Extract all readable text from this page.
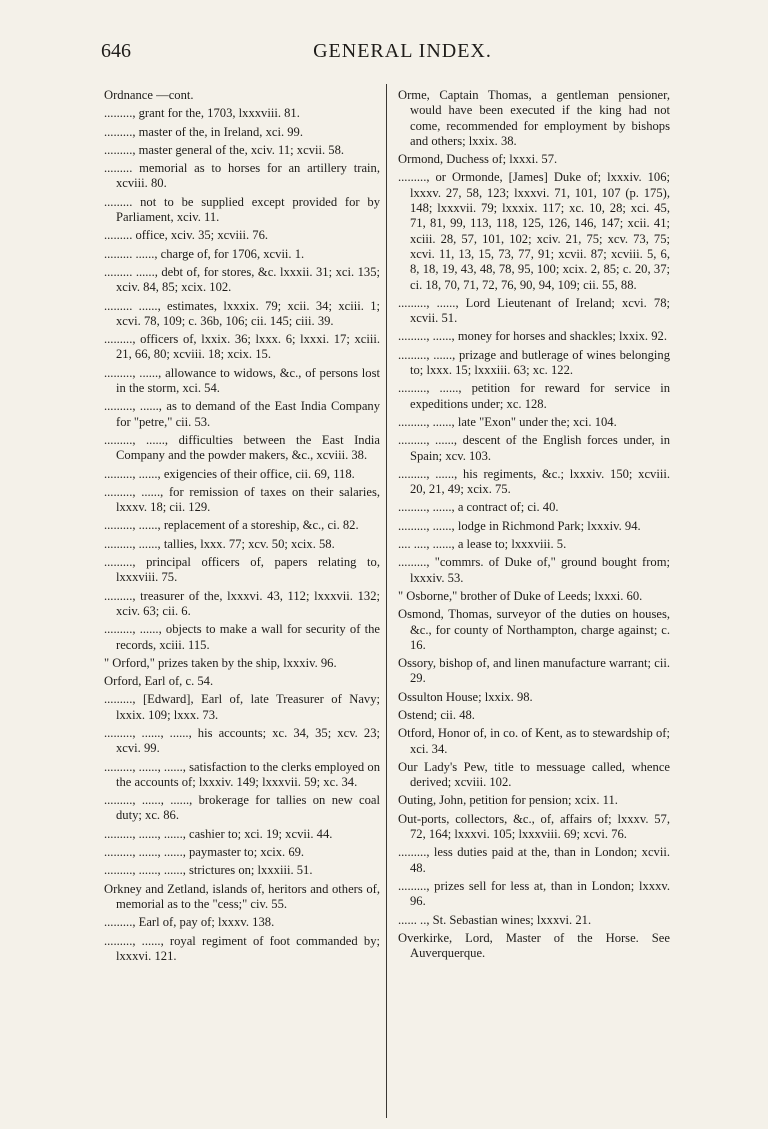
646	GENERAL INDEX.

Ordnance —cont.

........., grant for the, 1703, lxxxviii. 81.

........., master of the, in Ireland, xci. 99.

........., master general of the, xciv. 11; xcvii. 58.

......... memorial as to horses for an artillery train, xcviii. 80.

......... not to be supplied except provided for by Parliament, xciv. 11.

......... office, xciv. 35; xcviii. 76.

......... ......, charge of, for 1706, xcvii. 1.

......... ......, debt of, for stores, &c. lxxxii. 31; xci. 135; xciv. 84, 85; xcix. 102.

......... ......, estimates, lxxxix. 79; xcii. 34; xciii. 1; xcvi. 78, 109; c. 36b, 106; cii. 145; ciii. 39.

........., officers of, lxxix. 36; lxxx. 6; lxxxi. 17; xciii. 21, 66, 80; xcviii. 18; xcix. 15.

........., ......, allowance to widows, &c., of persons lost in the storm, xci. 54.

........., ......, as to demand of the East India Company for "petre," cii. 53.

........., ......, difficulties between the East India Company and the powder makers, &c., xcviii. 38.

........., ......, exigencies of their office, cii. 69, 118.

........., ......, for remission of taxes on their salaries, lxxxv. 18; cii. 129.

........., ......, replacement of a storeship, &c., ci. 82.

........., ......, tallies, lxxx. 77; xcv. 50; xcix. 58.

........., principal officers of, papers relating to, lxxxviii. 75.

........., treasurer of the, lxxxvi. 43, 112; lxxxvii. 132; xciv. 63; cii. 6.

........., ......, objects to make a wall for security of the records, xciii. 115.

" Orford," prizes taken by the ship, lxxxiv. 96.

Orford, Earl of, c. 54.

........., [Edward], Earl of, late Treasurer of Navy; lxxix. 109; lxxx. 73.

........., ......, ......, his accounts; xc. 34, 35; xcv. 23; xcvi. 99.

........., ......, ......, satisfaction to the clerks employed on the accounts of; lxxxiv. 149; lxxxvii. 59; xc. 34.

........., ......, ......, brokerage for tallies on new coal duty; xc. 86.

........., ......, ......, cashier to; xci. 19; xcvii. 44.

........., ......, ......, paymaster to; xcix. 69.

........., ......, ......, strictures on; lxxxiii. 51.

Orkney and Zetland, islands of, heritors and others of, memorial as to the "cess;" civ. 55.

........., Earl of, pay of; lxxxv. 138.

........., ......, royal regiment of foot commanded by; lxxxvi. 121.

Orme, Captain Thomas, a gentleman pensioner, would have been executed if the king had not come, recommended for employment by bishops and others; lxxix. 38.

Ormond, Duchess of; lxxxi. 57.

........., or Ormonde, [James] Duke of; lxxxiv. 106; lxxxv. 27, 58, 123; lxxxvi. 71, 101, 107 (p. 175), 148; lxxxvii. 79; lxxxix. 117; xc. 10, 28; xci. 45, 71, 81, 99, 113, 118, 125, 126, 146, 147; xcii. 41; xciii. 28, 57, 101, 102; xciv. 21, 75; xcv. 73, 75; xcvi. 11, 13, 15, 73, 77, 91; xcvii. 87; xcviii. 5, 6, 8, 18, 19, 43, 48, 78, 95, 100; xcix. 2, 85; c. 20, 37; ci. 18, 70, 71, 72, 76, 90, 94, 109; cii. 55, 88.

........., ......, Lord Lieutenant of Ireland; xcvi. 78; xcvii. 51.

........., ......, money for horses and shackles; lxxix. 92.

........., ......, prizage and butlerage of wines belonging to; lxxx. 15; lxxxiii. 63; xc. 122.

........., ......, petition for reward for service in expeditions under; xc. 128.

........., ......, late "Exon" under the; xci. 104.

........., ......, descent of the English forces under, in Spain; xcv. 103.

........., ......, his regiments, &c.; lxxxiv. 150; xcviii. 20, 21, 49; xcix. 75.

........., ......, a contract of; ci. 40.

........., ......, lodge in Richmond Park; lxxxiv. 94.

.... ...., ......, a lease to; lxxxviii. 5.

........., "commrs. of Duke of," ground bought from; lxxxiv. 53.

" Osborne," brother of Duke of Leeds; lxxxi. 60.

Osmond, Thomas, surveyor of the duties on houses, &c., for county of Northampton, charge against; c. 16.

Ossory, bishop of, and linen manufacture warrant; cii. 29.

Ossulton House; lxxix. 98.

Ostend; cii. 48.

Otford, Honor of, in co. of Kent, as to stewardship of; xci. 34.

Our Lady's Pew, title to messuage called, whence derived; xcviii. 102.

Outing, John, petition for pension; xcix. 11.

Out-ports, collectors, &c., of, affairs of; lxxxv. 57, 72, 164; lxxxvi. 105; lxxxviii. 69; xcvi. 76.

........., less duties paid at the, than in London; xcvii. 48.

........., prizes sell for less at, than in London; lxxxv. 96.

...... .., St. Sebastian wines; lxxxvi. 21.

Overkirke, Lord, Master of the Horse. See Auverquerque.
